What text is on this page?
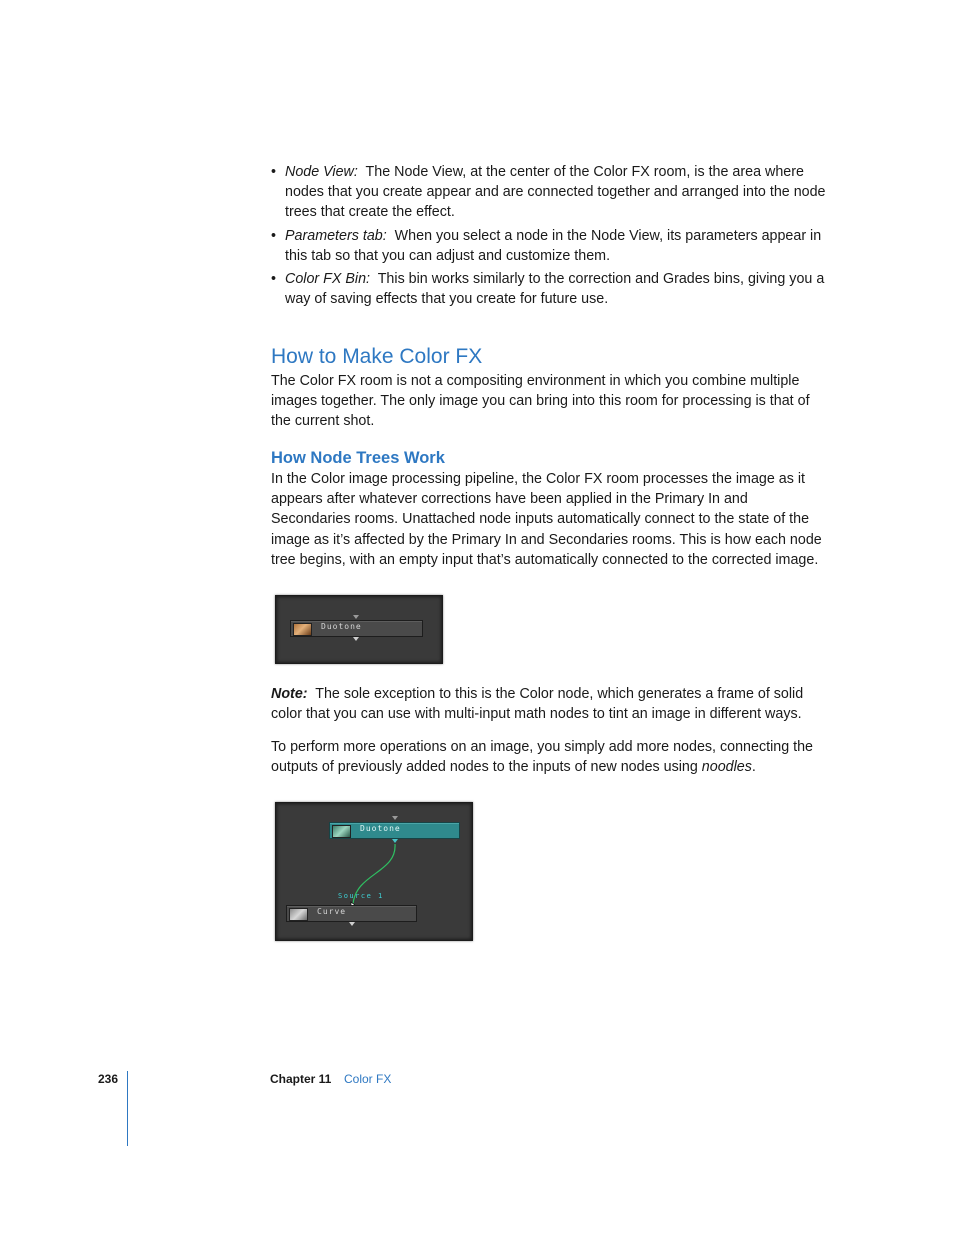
• Node View: The Node View, at the center of the Color FX room, is the area where nodes that you create appear and are connected together and arranged into the node trees that create the effect.
• Parameters tab: When you select a node in the Node View, its parameters appear in this tab so that you can adjust and customize them.
• Color FX Bin: This bin works similarly to the correction and Grades bins, giving you a way of saving effects that you create for future use.
How to Make Color FX

The Color FX room is not a compositing environment in which you combine multiple images together. The only image you can bring into this room for processing is that of the current shot.

How Node Trees Work

In the Color image processing pipeline, the Color FX room processes the image as it appears after whatever corrections have been applied in the Primary In and Secondaries rooms. Unattached node inputs automatically connect to the state of the image as it’s affected by the Primary In and Secondaries rooms. This is how each node tree begins, with an empty input that’s automatically connected to the corrected image.

Duotone

Note: The sole exception to this is the Color node, which generates a frame of solid color that you can use with multi-input math nodes to tint an image in different ways.

To perform more operations on an image, you simply add more nodes, connecting the outputs of previously added nodes to the inputs of new nodes using noodles.

Duotone
Source 1
Curve
236	Chapter 11 Color FX
